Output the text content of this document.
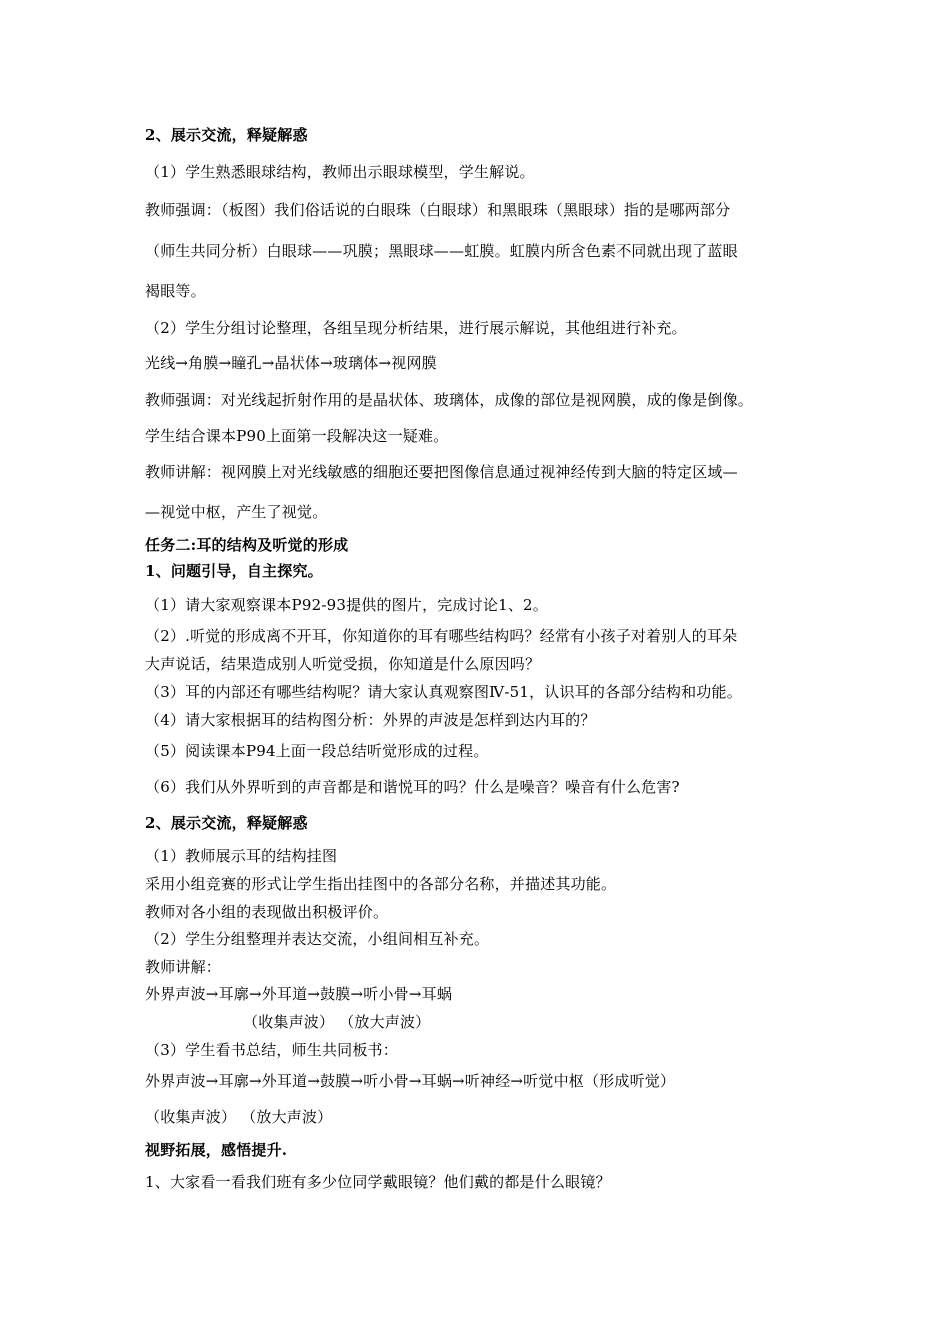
2、展示交流，释疑解惑
（1）学生熟悉眼球结构，教师出示眼球模型，学生解说。
教师强调：（板图）我们俗话说的白眼珠（白眼球）和黑眼珠（黑眼球）指的是哪两部分
（师生共同分析）白眼球——巩膜；黑眼球——虹膜。虹膜内所含色素不同就出现了蓝眼
褐眼等。
（2）学生分组讨论整理，各组呈现分析结果，进行展示解说，其他组进行补充。
光线→角膜→瞳孔→晶状体→玻璃体→视网膜
教师强调：对光线起折射作用的是晶状体、玻璃体，成像的部位是视网膜，成的像是倒像。
学生结合课本P90上面第一段解决这一疑难。
教师讲解：视网膜上对光线敏感的细胞还要把图像信息通过视神经传到大脑的特定区域—
—视觉中枢，产生了视觉。
任务二:耳的结构及听觉的形成
1、问题引导，自主探究。
（1）请大家观察课本P92-93提供的图片，完成讨论1、2。
（2）.听觉的形成离不开耳，你知道你的耳有哪些结构吗？经常有小孩子对着别人的耳朵
大声说话，结果造成别人听觉受损，你知道是什么原因吗？
（3）耳的内部还有哪些结构呢？请大家认真观察图Ⅳ-51，认识耳的各部分结构和功能。
（4）请大家根据耳的结构图分析：外界的声波是怎样到达内耳的？
（5）阅读课本P94上面一段总结听觉形成的过程。
（6）我们从外界听到的声音都是和谐悦耳的吗？什么是噪音？噪音有什么危害?
2、展示交流，释疑解惑
（1）教师展示耳的结构挂图
采用小组竞赛的形式让学生指出挂图中的各部分名称，并描述其功能。
教师对各小组的表现做出积极评价。
（2）学生分组整理并表达交流，小组间相互补充。
教师讲解：
外界声波→耳廓→外耳道→鼓膜→听小骨→耳蜗
（收集声波） （放大声波）
（3）学生看书总结，师生共同板书：
外界声波→耳廓→外耳道→鼓膜→听小骨→耳蜗→听神经→听觉中枢（形成听觉）
（收集声波） （放大声波）
视野拓展，感悟提升.
1、大家看一看我们班有多少位同学戴眼镜？他们戴的都是什么眼镜？
